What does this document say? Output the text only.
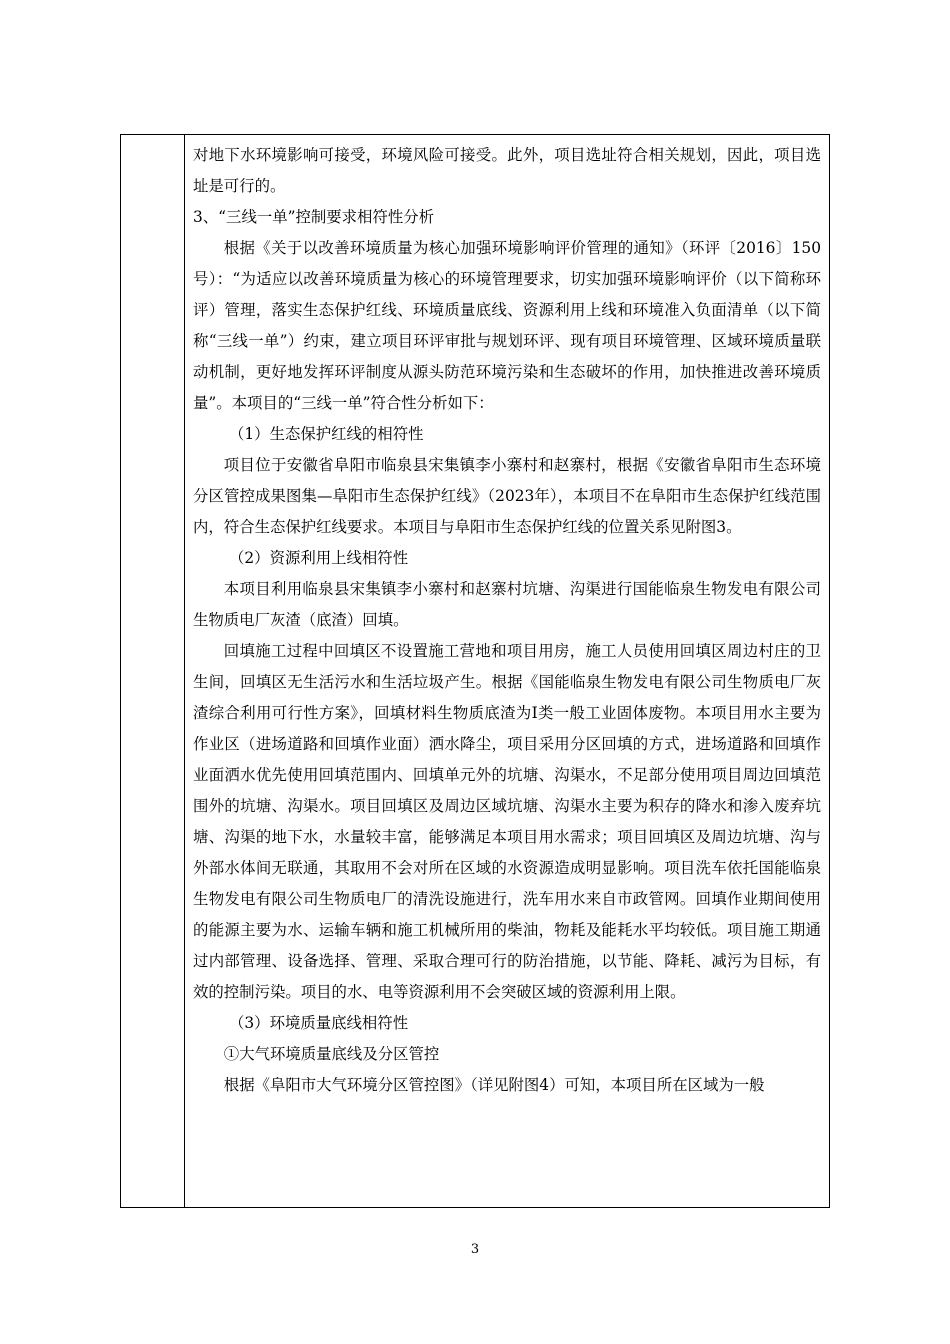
对地下水环境影响可接受，环境风险可接受。此外，项目选址符合相关规划，因此，项目选址是可行的。

3、“三线一单”控制要求相符性分析

根据《关于以改善环境质量为核心加强环境影响评价管理的通知》（环评〔2016〕150号）：“为适应以改善环境质量为核心的环境管理要求，切实加强环境影响评价（以下简称环评）管理，落实生态保护红线、环境质量底线、资源利用上线和环境准入负面清单（以下简称“三线一单”）约束，建立项目环评审批与规划环评、现有项目环境管理、区域环境质量联动机制，更好地发挥环评制度从源头防范环境污染和生态破坏的作用，加快推进改善环境质量”。本项目的“三线一单”符合性分析如下：

（1）生态保护红线的相符性

项目位于安徽省阜阳市临泉县宋集镇李小寨村和赵寨村，根据《安徽省阜阳市生态环境分区管控成果图集—阜阳市生态保护红线》（2023年），本项目不在阜阳市生态保护红线范围内，符合生态保护红线要求。本项目与阜阳市生态保护红线的位置关系见附图3。

（2）资源利用上线相符性

本项目利用临泉县宋集镇李小寨村和赵寨村坑塘、沟渠进行国能临泉生物发电有限公司生物质电厂灰渣（底渣）回填。

回填施工过程中回填区不设置施工营地和项目用房，施工人员使用回填区周边村庄的卫生间，回填区无生活污水和生活垃圾产生。根据《国能临泉生物发电有限公司生物质电厂灰渣综合利用可行性方案》，回填材料生物质底渣为I类一般工业固体废物。本项目用水主要为作业区（进场道路和回填作业面）洒水降尘，项目采用分区回填的方式，进场道路和回填作业面洒水优先使用回填范围内、回填单元外的坑塘、沟渠水，不足部分使用项目周边回填范围外的坑塘、沟渠水。项目回填区及周边区域坑塘、沟渠水主要为积存的降水和渗入废弃坑塘、沟渠的地下水，水量较丰富，能够满足本项目用水需求；项目回填区及周边坑塘、沟与外部水体间无联通，其取用不会对所在区域的水资源造成明显影响。项目洗车依托国能临泉生物发电有限公司生物质电厂的清洗设施进行，洗车用水来自市政管网。回填作业期间使用的能源主要为水、运输车辆和施工机械所用的柴油，物耗及能耗水平均较低。项目施工期通过内部管理、设备选择、管理、采取合理可行的防治措施，以节能、降耗、减污为目标，有效的控制污染。项目的水、电等资源利用不会突破区域的资源利用上限。

（3）环境质量底线相符性

①大气环境质量底线及分区管控

根据《阜阳市大气环境分区管控图》（详见附图4）可知，本项目所在区域为一般

3
